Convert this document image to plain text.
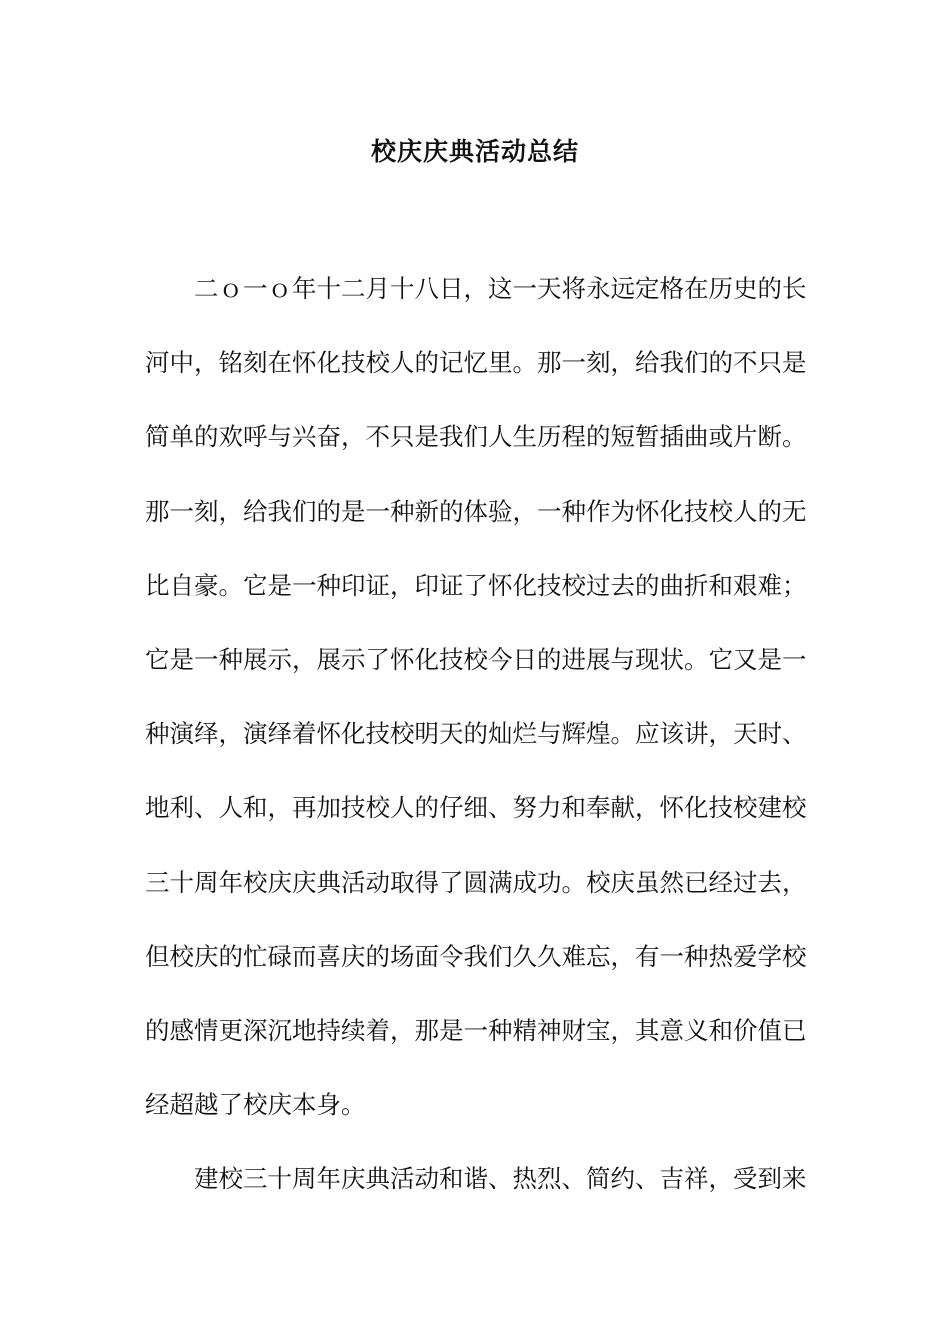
校庆庆典活动总结
二ｏ一ｏ年十二月十八日，这一天将永远定格在历史的长
河中，铭刻在怀化技校人的记忆里。那一刻，给我们的不只是
简单的欢呼与兴奋，不只是我们人生历程的短暂插曲或片断。
那一刻，给我们的是一种新的体验，一种作为怀化技校人的无
比自豪。它是一种印证，印证了怀化技校过去的曲折和艰难；
它是一种展示，展示了怀化技校今日的进展与现状。它又是一
种演绎，演绎着怀化技校明天的灿烂与辉煌。应该讲，天时、
地利、人和，再加技校人的仔细、努力和奉献，怀化技校建校
三十周年校庆庆典活动取得了圆满成功。校庆虽然已经过去，
但校庆的忙碌而喜庆的场面令我们久久难忘，有一种热爱学校
的感情更深沉地持续着，那是一种精神财宝，其意义和价值已
经超越了校庆本身。
建校三十周年庆典活动和谐、热烈、简约、吉祥，受到来
